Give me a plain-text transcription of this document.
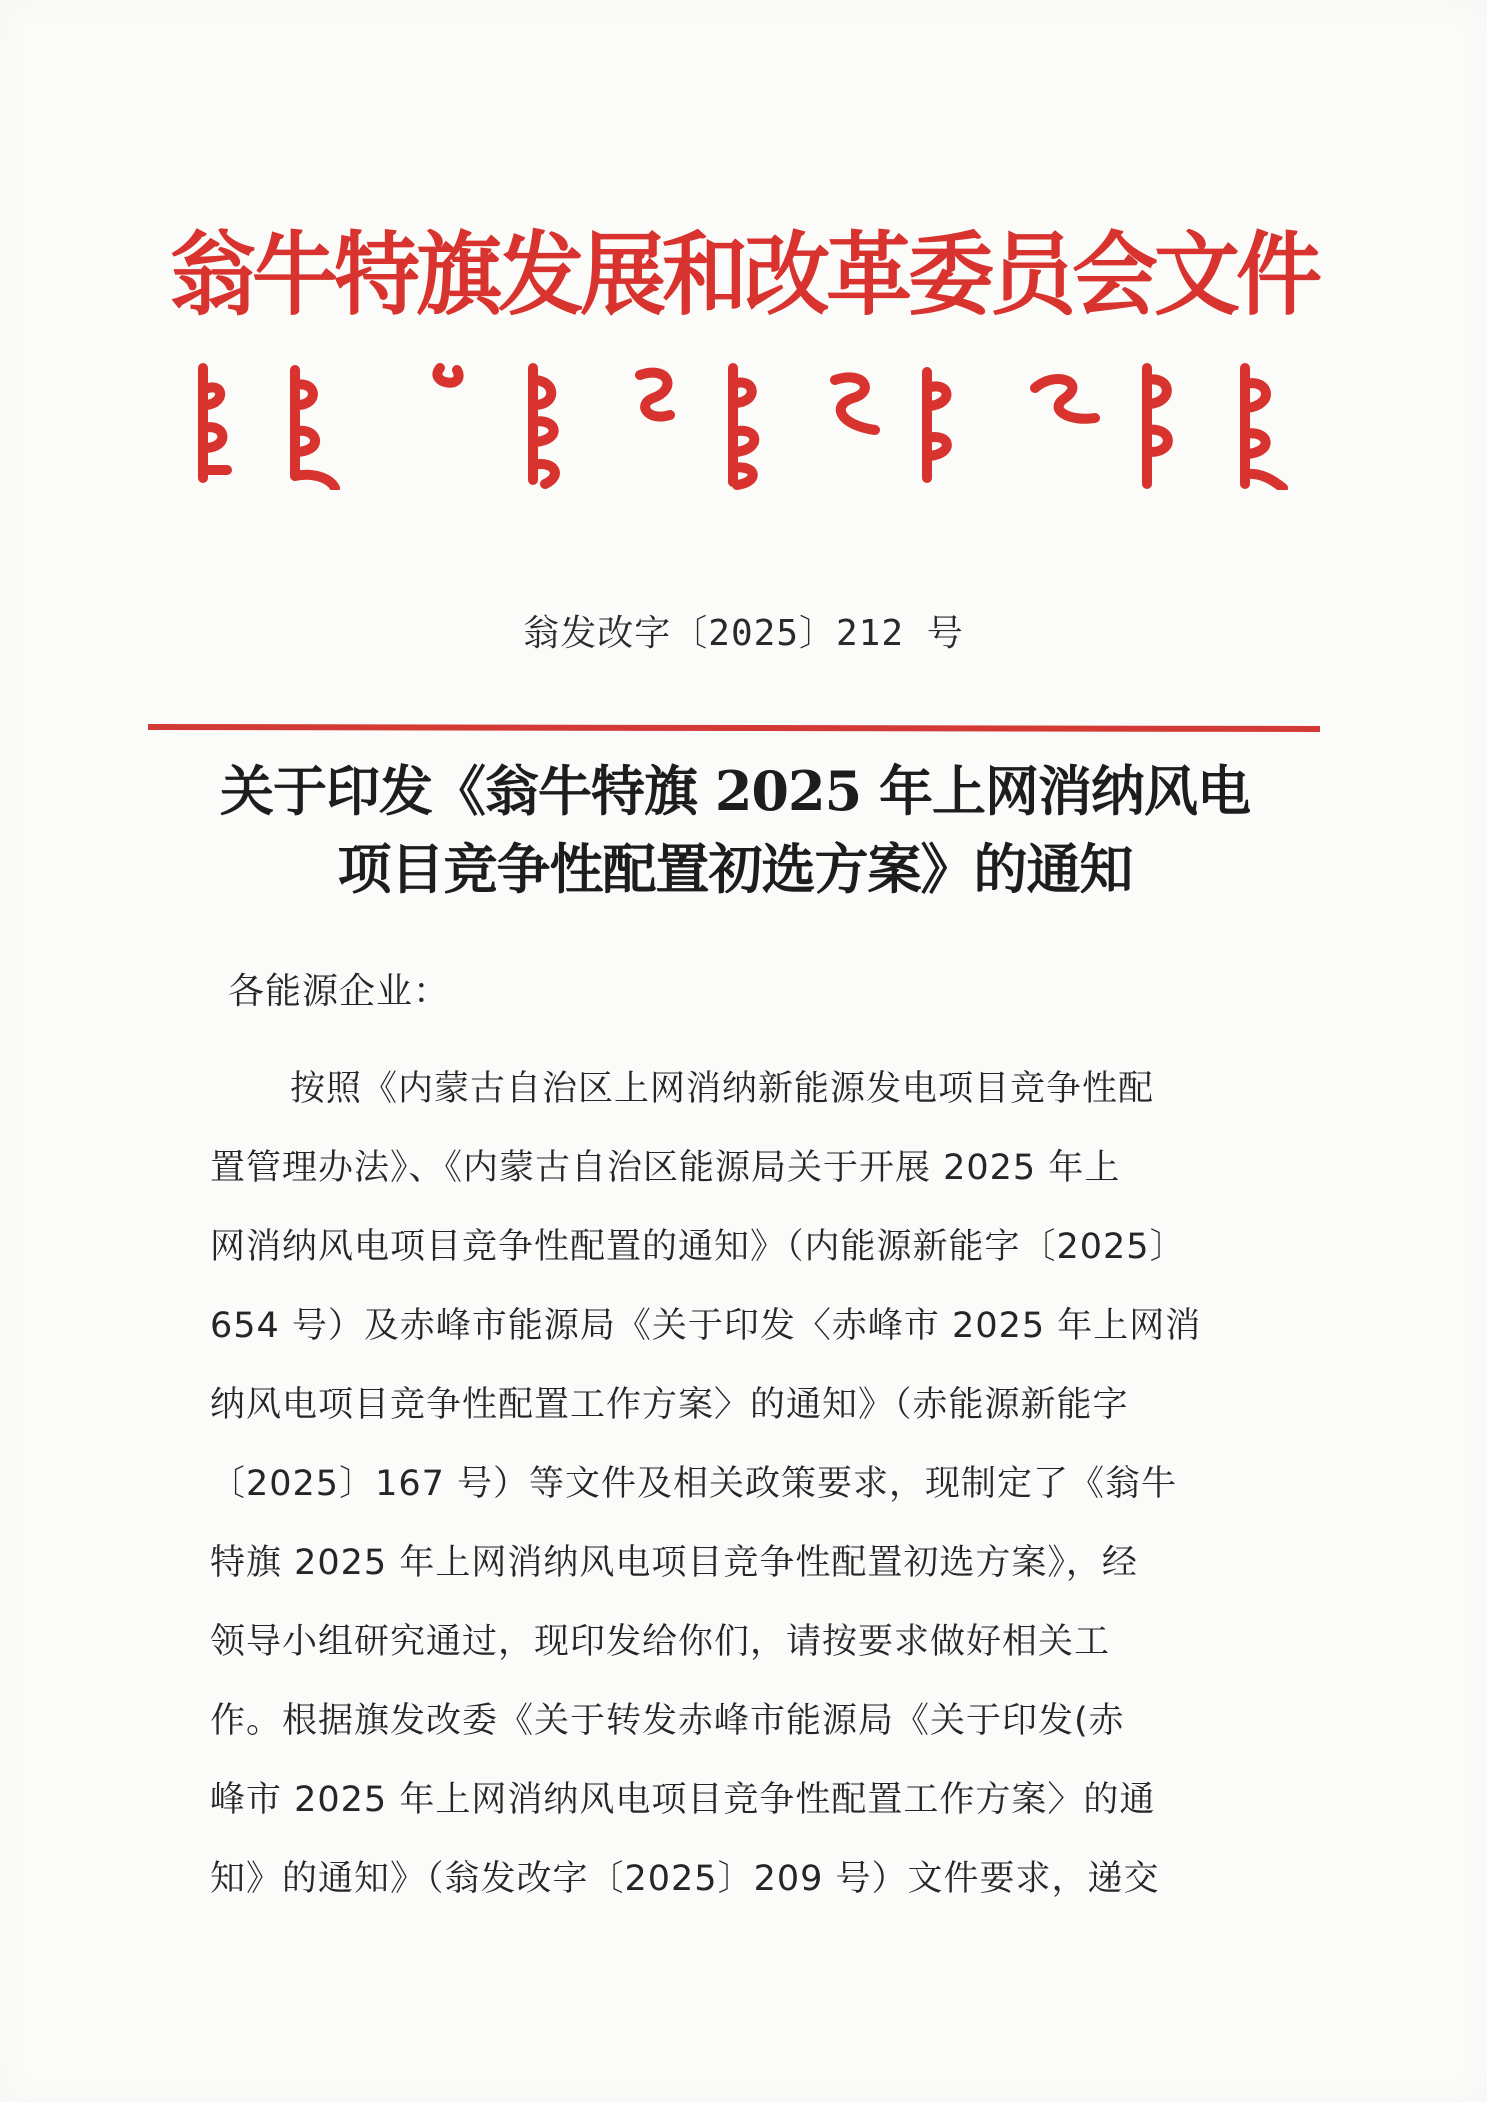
翁牛特旗发展和改革委员会文件
翁发改字〔2025〕212 号
关于印发《翁牛特旗 2025 年上网消纳风电
项目竞争性配置初选方案》的通知
各能源企业：
按照《内蒙古自治区上网消纳新能源发电项目竞争性配
置管理办法》、《内蒙古自治区能源局关于开展 2025 年上
网消纳风电项目竞争性配置的通知》（内能源新能字〔2025〕
654 号）及赤峰市能源局《关于印发〈赤峰市 2025 年上网消
纳风电项目竞争性配置工作方案〉的通知》（赤能源新能字
〔2025〕167 号）等文件及相关政策要求，现制定了《翁牛
特旗 2025 年上网消纳风电项目竞争性配置初选方案》，经
领导小组研究通过，现印发给你们，请按要求做好相关工
作。根据旗发改委《关于转发赤峰市能源局《关于印发(赤
峰市 2025 年上网消纳风电项目竞争性配置工作方案〉的通
知》的通知》（翁发改字〔2025〕209 号）文件要求，递交
